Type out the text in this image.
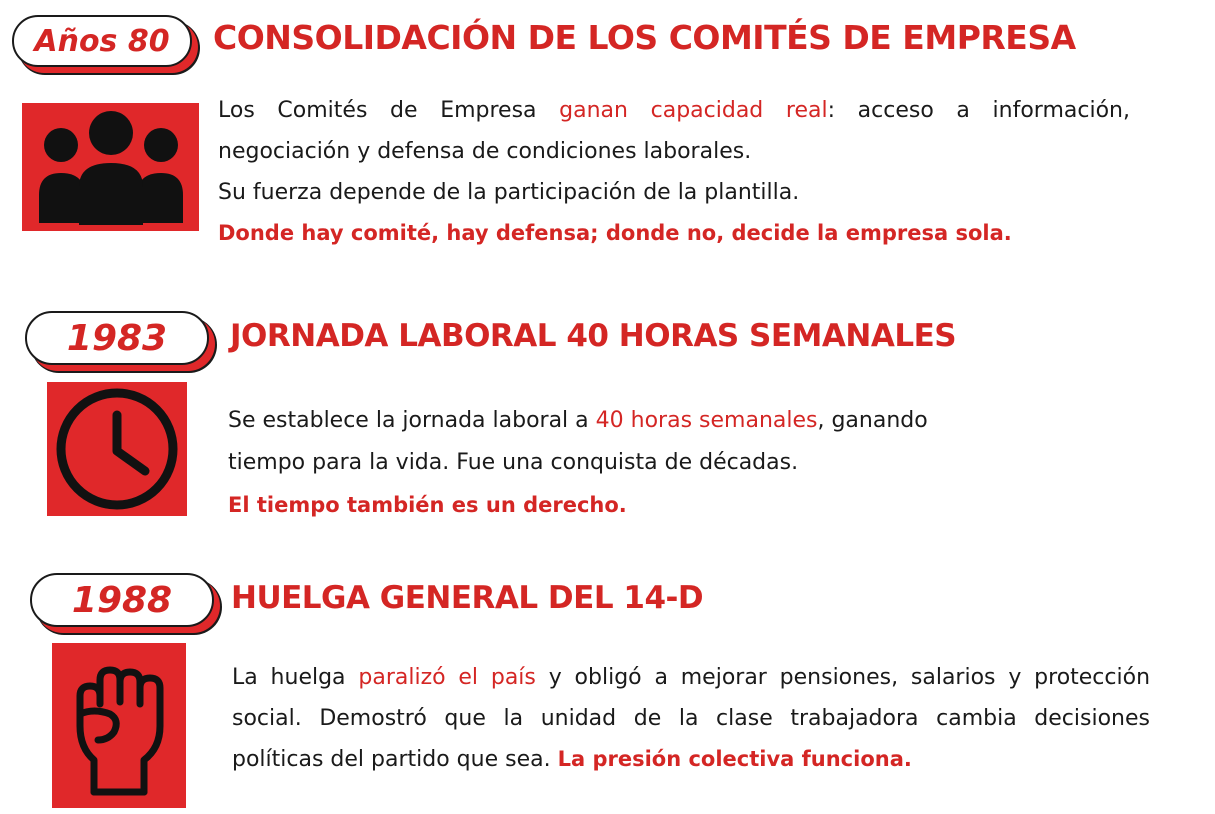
Años 80 CONSOLIDACIÓN DE LOS COMITÉS DE EMPRESA
Los Comités de Empresa ganan capacidad real: acceso a información,
negociación y defensa de condiciones laborales.
Su fuerza depende de la participación de la plantilla.
Donde hay comité, hay defensa; donde no, decide la empresa sola.
1983 JORNADA LABORAL 40 HORAS SEMANALES
Se establece la jornada laboral a 40 horas semanales, ganando
tiempo para la vida. Fue una conquista de décadas.
El tiempo también es un derecho.
1988 HUELGA GENERAL DEL 14-D
La huelga paralizó el país y obligó a mejorar pensiones, salarios y protección
social. Demostró que la unidad de la clase trabajadora cambia decisiones
políticas del partido que sea. La presión colectiva funciona.
